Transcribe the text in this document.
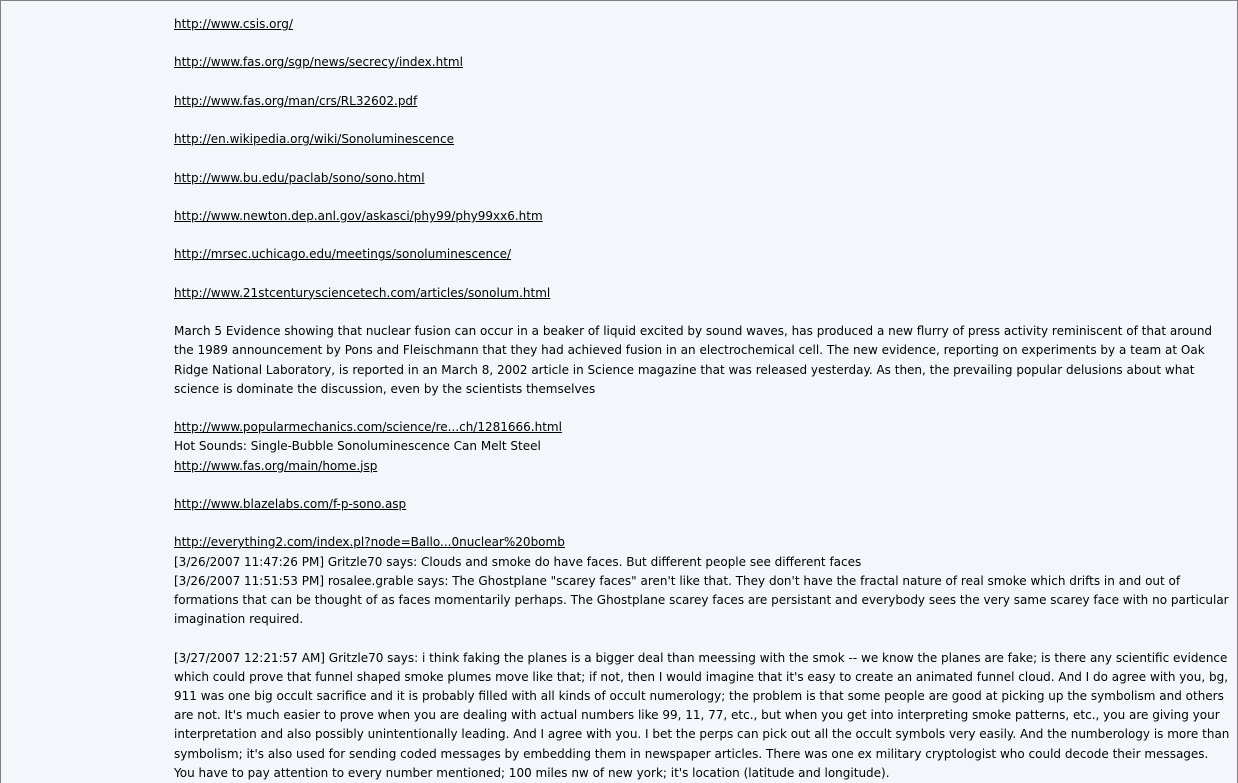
http://www.csis.org/
http://www.fas.org/sgp/news/secrecy/index.html
http://www.fas.org/man/crs/RL32602.pdf
http://en.wikipedia.org/wiki/Sonoluminescence
http://www.bu.edu/paclab/sono/sono.html
http://www.newton.dep.anl.gov/askasci/phy99/phy99xx6.htm
http://mrsec.uchicago.edu/meetings/sonoluminescence/
http://www.21stcenturysciencetech.com/articles/sonolum.html
March 5 Evidence showing that nuclear fusion can occur in a beaker of liquid excited by sound waves, has produced a new flurry of press activity reminiscent of that around the 1989 announcement by Pons and Fleischmann that they had achieved fusion in an electrochemical cell. The new evidence, reporting on experiments by a team at Oak Ridge National Laboratory, is reported in an March 8, 2002 article in Science magazine that was released yesterday. As then, the prevailing popular delusions about what science is dominate the discussion, even by the scientists themselves
http://www.popularmechanics.com/science/re...ch/1281666.html
Hot Sounds: Single-Bubble Sonoluminescence Can Melt Steel
http://www.fas.org/main/home.jsp
http://www.blazelabs.com/f-p-sono.asp
http://everything2.com/index.pl?node=Ballo...0nuclear%20bomb
[3/26/2007 11:47:26 PM] Gritzle70 says: Clouds and smoke do have faces. But different people see different faces
[3/26/2007 11:51:53 PM] rosalee.grable says: The Ghostplane "scarey faces" aren't like that. They don't have the fractal nature of real smoke which drifts in and out of formations that can be thought of as faces momentarily perhaps. The Ghostplane scarey faces are persistant and everybody sees the very same scarey face with no particular imagination required.
[3/27/2007 12:21:57 AM] Gritzle70 says: i think faking the planes is a bigger deal than meessing with the smok -- we know the planes are fake; is there any scientific evidence which could prove that funnel shaped smoke plumes move like that; if not, then I would imagine that it's easy to create an animated funnel cloud. And I do agree with you, bg, 911 was one big occult sacrifice and it is probably filled with all kinds of occult numerology; the problem is that some people are good at picking up the symbolism and others are not. It's much easier to prove when you are dealing with actual numbers like 99, 11, 77, etc., but when you get into interpreting smoke patterns, etc., you are giving your interpretation and also possibly unintentionally leading. And I agree with you. I bet the perps can pick out all the occult symbols very easily. And the numberology is more than symbolism; it's also used for sending coded messages by embedding them in newspaper articles. There was one ex military cryptologist who could decode their messages. You have to pay attention to every number mentioned; 100 miles nw of new york; it's location (latitude and longitude).
